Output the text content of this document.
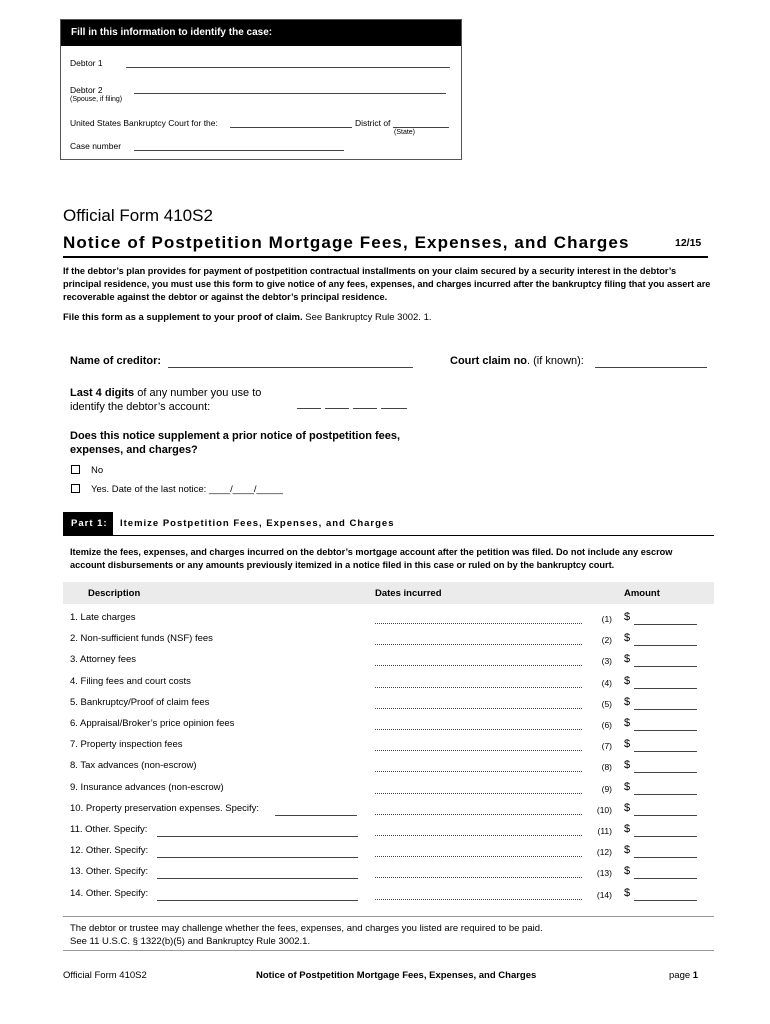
Fill in this information to identify the case:
Debtor 1
Debtor 2
(Spouse, if filing)
United States Bankruptcy Court for the:	District of
(State)
Case number
Official Form 410S2
Notice of Postpetition Mortgage Fees, Expenses, and Charges	12/15
If the debtor’s plan provides for payment of postpetition contractual installments on your claim secured by a security interest in the debtor’s principal residence, you must use this form to give notice of any fees, expenses, and charges incurred after the bankruptcy filing that you assert are recoverable against the debtor or against the debtor’s principal residence.
File this form as a supplement to your proof of claim. See Bankruptcy Rule 3002. 1.
Name of creditor:	Court claim no. (if known):
Last 4 digits of any number you use to
identify the debtor’s account:
Does this notice supplement a prior notice of postpetition fees,
expenses, and charges?
No
Yes. Date of the last notice: ____/____/_____
Part 1:	Itemize Postpetition Fees, Expenses, and Charges
Itemize the fees, expenses, and charges incurred on the debtor’s mortgage account after the petition was filed. Do not include any escrow account disbursements or any amounts previously itemized in a notice filed in this case or ruled on by the bankruptcy court.
Description	Dates incurred	Amount
1. Late charges	(1) $
2. Non-sufficient funds (NSF) fees	(2) $
3. Attorney fees	(3) $
4. Filing fees and court costs	(4) $
5. Bankruptcy/Proof of claim fees	(5) $
6. Appraisal/Broker’s price opinion fees	(6) $
7. Property inspection fees	(7) $
8. Tax advances (non-escrow)	(8) $
9. Insurance advances (non-escrow)	(9) $
10. Property preservation expenses. Specify:	(10) $
11. Other. Specify:	(11) $
12. Other. Specify:	(12) $
13. Other. Specify:	(13) $
14. Other. Specify:	(14) $
The debtor or trustee may challenge whether the fees, expenses, and charges you listed are required to be paid.
See 11 U.S.C. § 1322(b)(5) and Bankruptcy Rule 3002.1.
Official Form 410S2	Notice of Postpetition Mortgage Fees, Expenses, and Charges	page 1
